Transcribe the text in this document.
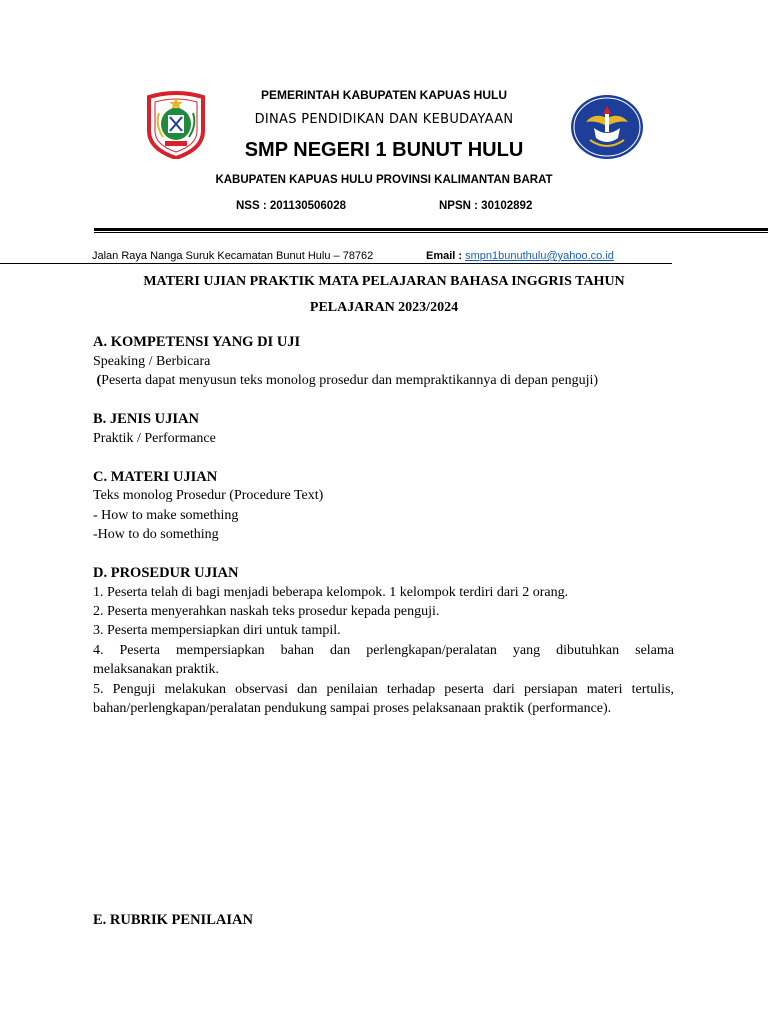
PEMERINTAH KABUPATEN KAPUAS HULU
DINAS PENDIDIKAN DAN KEBUDAYAAN
SMP NEGERI 1 BUNUT HULU
KABUPATEN KAPUAS HULU PROVINSI KALIMANTAN BARAT
NSS : 201130506028	NPSN : 30102892
Jalan Raya Nanga Suruk Kecamatan Bunut Hulu – 78762	Email : smpn1bunuthulu@yahoo.co.id
MATERI UJIAN PRAKTIK MATA PELAJARAN BAHASA INGGRIS TAHUN
PELAJARAN 2023/2024
A. KOMPETENSI YANG DI UJI
Speaking / Berbicara
(Peserta dapat menyusun teks monolog prosedur dan mempraktikannya di depan penguji)
B. JENIS UJIAN
Praktik / Performance
C. MATERI UJIAN
Teks monolog Prosedur (Procedure Text)
- How to make something
-How to do something
D. PROSEDUR UJIAN
1. Peserta telah di bagi menjadi beberapa kelompok. 1 kelompok terdiri dari 2 orang.
2. Peserta menyerahkan naskah teks prosedur kepada penguji.
3. Peserta mempersiapkan diri untuk tampil.
4. Peserta mempersiapkan bahan dan perlengkapan/peralatan yang dibutuhkan selama
melaksanakan praktik.
5. Penguji melakukan observasi dan penilaian terhadap peserta dari persiapan materi tertulis,
bahan/perlengkapan/peralatan pendukung sampai proses pelaksanaan praktik (performance).
E. RUBRIK PENILAIAN
